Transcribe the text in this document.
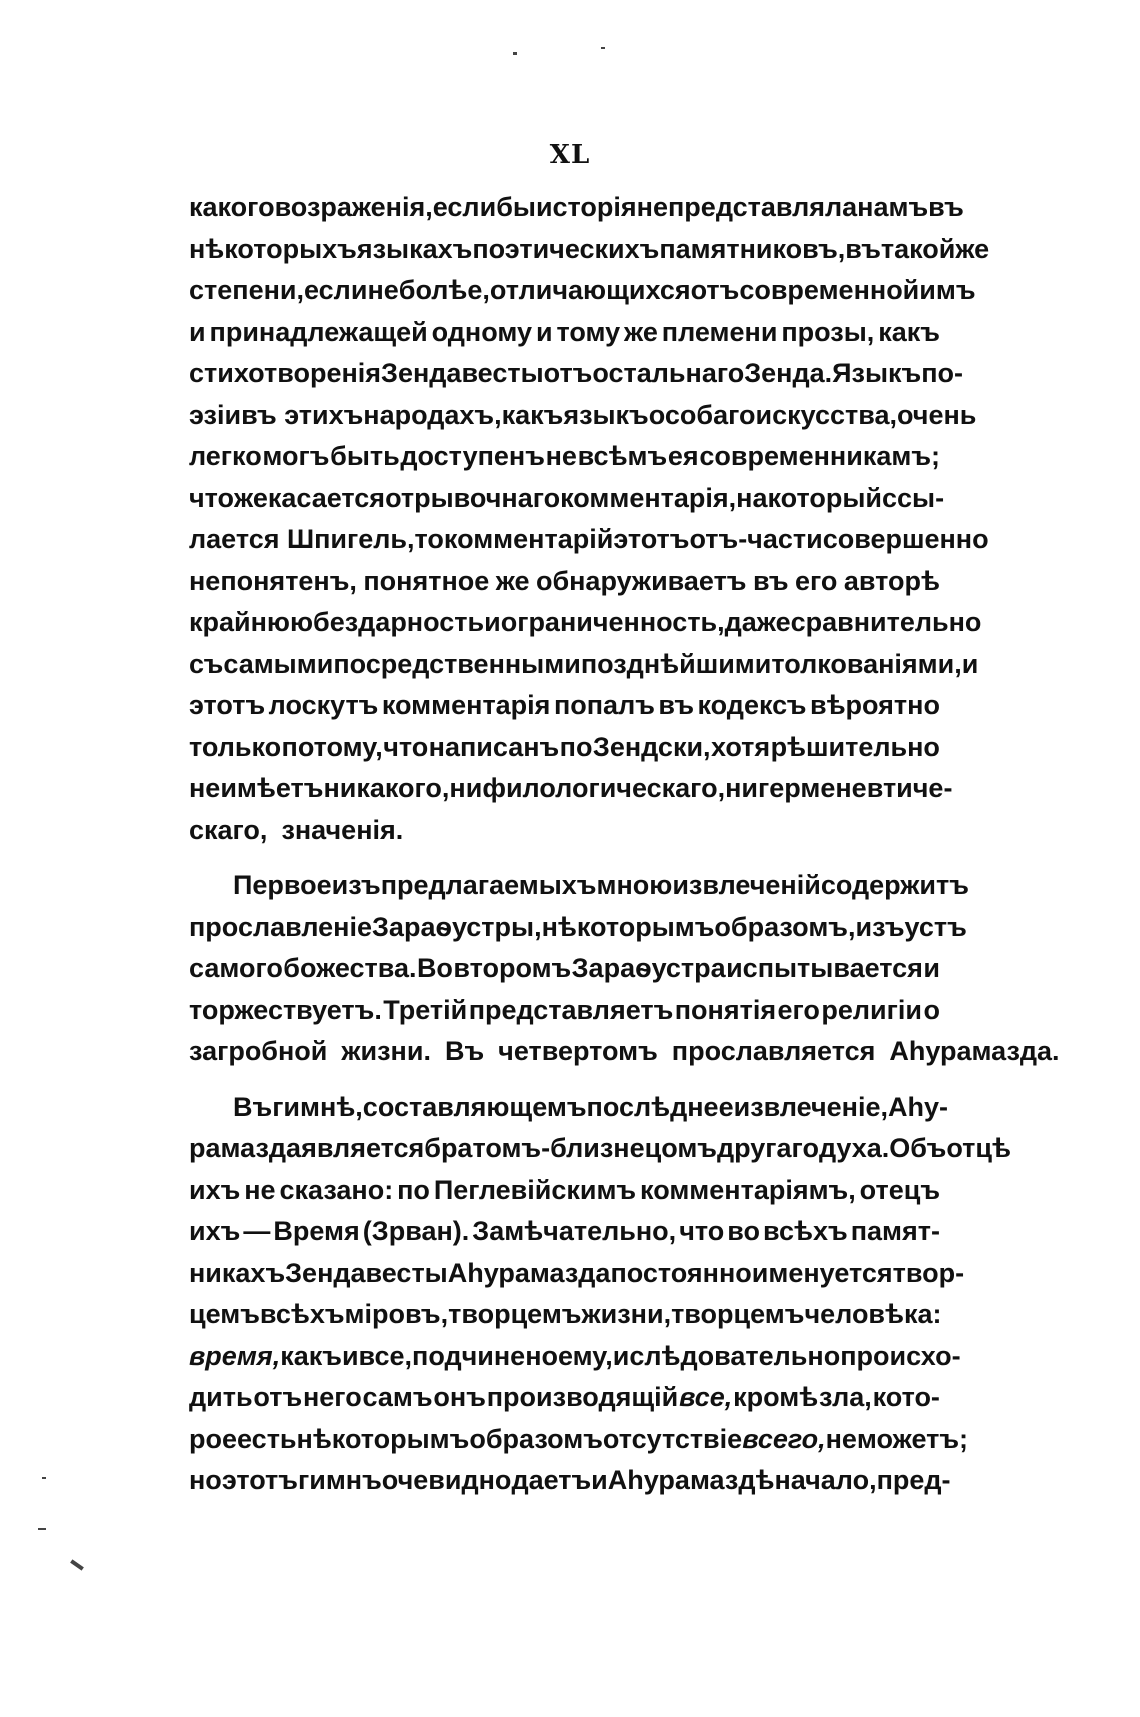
XL
какого возраженія, если бы исторія не представляла намъ въ
нѣкоторыхъ языкахъ поэтическихъ памятниковъ, въ такой же
степени, если не болѣе, отличающихся отъ современной имъ
и принадлежащей одному и тому же племени прозы, какъ
стихотворенія Зендавесты отъ остальнаго Зенда. Языкъ по-
эзіи въ этихъ народахъ, какъ языкъ особаго искусства, очень
легко могъ быть доступенъ не всѣмъ ея современникамъ;
что же касается отрывочнаго комментарія, на который ссы-
лается Шпигель, то комментарій этотъ отъ-части совершенно
непонятенъ, понятное же обнаруживаетъ въ его авторѣ
крайнюю бездарность и ограниченность, даже сравнительно
съ самыми посредственными позднѣйшими толкованіями, и
этотъ лоскутъ комментарія попалъ въ кодексъ вѣроятно
только потому, что написанъ по Зендски, хотя рѣшительно
не имѣетъ никакого, ни филологическаго, ни герменевтиче-
скаго, значенія.
Первое изъ предлагаемыхъ мною извлеченій содержитъ
прославленіе Зараѳустры, нѣкоторымъ образомъ, изъ устъ
самого божества. Во второмъ Зараѳустра испытывается и
торжествуетъ. Третій представляетъ понятія его религіи о
загробной жизни. Въ четвертомъ прославляется Аһурамазда.
Въ гимнѣ, составляющемъ послѣднее извлеченіе, Аһу-
рамазда является братомъ-близнецомъ другаго духа. Объ отцѣ
ихъ не сказано: по Пеглевійскимъ комментаріямъ, отецъ
ихъ — Время (Зрван). Замѣчательно, что во всѣхъ памят-
никахъ Зендавесты Аһурамазда постоянно именуется твор-
цемъ всѣхъ міровъ, творцемъ жизни, творцемъ человѣка:
время, какъ и все, подчинено ему, и слѣдовательно происхо-
дить отъ него самъ онъ производящій все, кромѣ зла, кото-
рое есть нѣкоторымъ образомъ отсутствіе всего, не можетъ;
но этотъ гимнъ очевидно даетъ и Аһурамаздѣ начало, пред-
